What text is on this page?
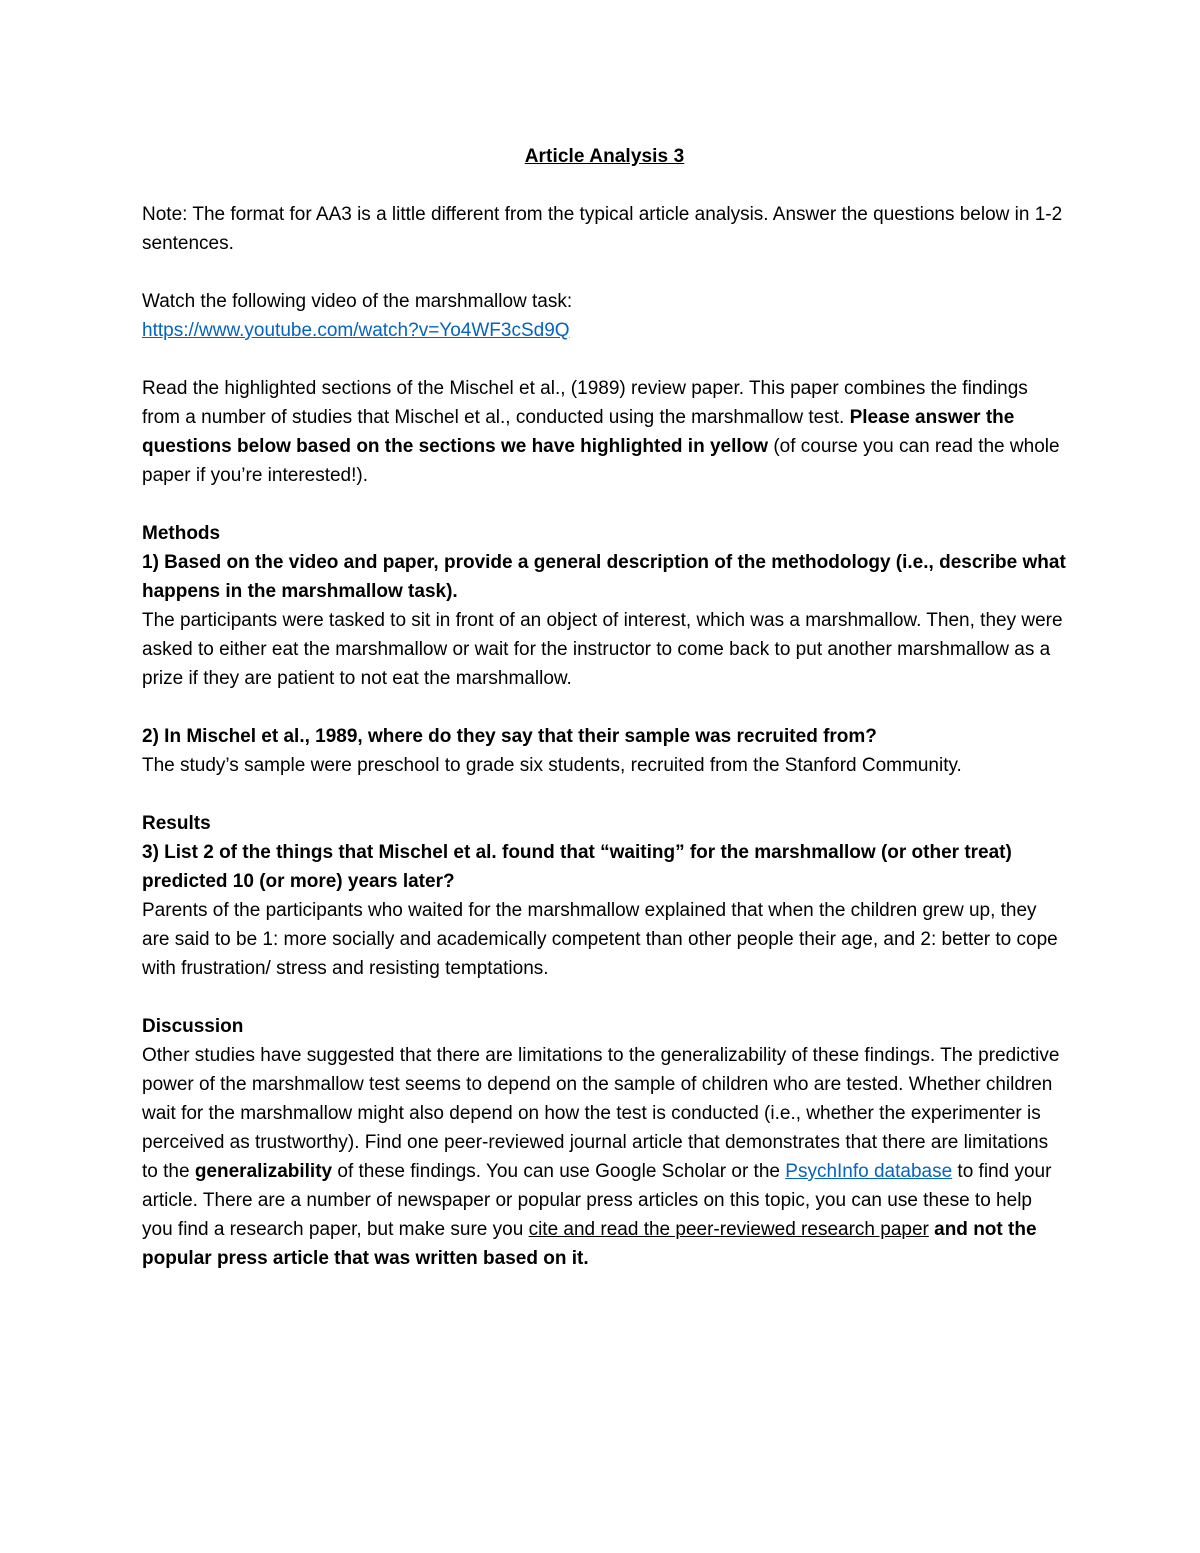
Article Analysis 3

Note: The format for AA3 is a little different from the typical article analysis. Answer the questions below in 1-2 sentences.

Watch the following video of the marshmallow task:
https://www.youtube.com/watch?v=Yo4WF3cSd9Q

Read the highlighted sections of the Mischel et al., (1989) review paper. This paper combines the findings from a number of studies that Mischel et al., conducted using the marshmallow test. Please answer the questions below based on the sections we have highlighted in yellow (of course you can read the whole paper if you’re interested!).

Methods
1) Based on the video and paper, provide a general description of the methodology (i.e., describe what happens in the marshmallow task).

The participants were tasked to sit in front of an object of interest, which was a marshmallow. Then, they were asked to either eat the marshmallow or wait for the instructor to come back to put another marshmallow as a prize if they are patient to not eat the marshmallow.

2) In Mischel et al., 1989, where do they say that their sample was recruited from?

The study’s sample were preschool to grade six students, recruited from the Stanford Community.

Results
3) List 2 of the things that Mischel et al. found that “waiting” for the marshmallow (or other treat) predicted 10 (or more) years later?

Parents of the participants who waited for the marshmallow explained that when the children grew up, they are said to be 1: more socially and academically competent than other people their age, and 2: better to cope with frustration/ stress and resisting temptations.

Discussion

Other studies have suggested that there are limitations to the generalizability of these findings. The predictive power of the marshmallow test seems to depend on the sample of children who are tested. Whether children wait for the marshmallow might also depend on how the test is conducted (i.e., whether the experimenter is perceived as trustworthy). Find one peer-reviewed journal article that demonstrates that there are limitations to the generalizability of these findings. You can use Google Scholar or the PsychInfo database to find your article. There are a number of newspaper or popular press articles on this topic, you can use these to help you find a research paper, but make sure you cite and read the peer-reviewed research paper and not the popular press article that was written based on it.
